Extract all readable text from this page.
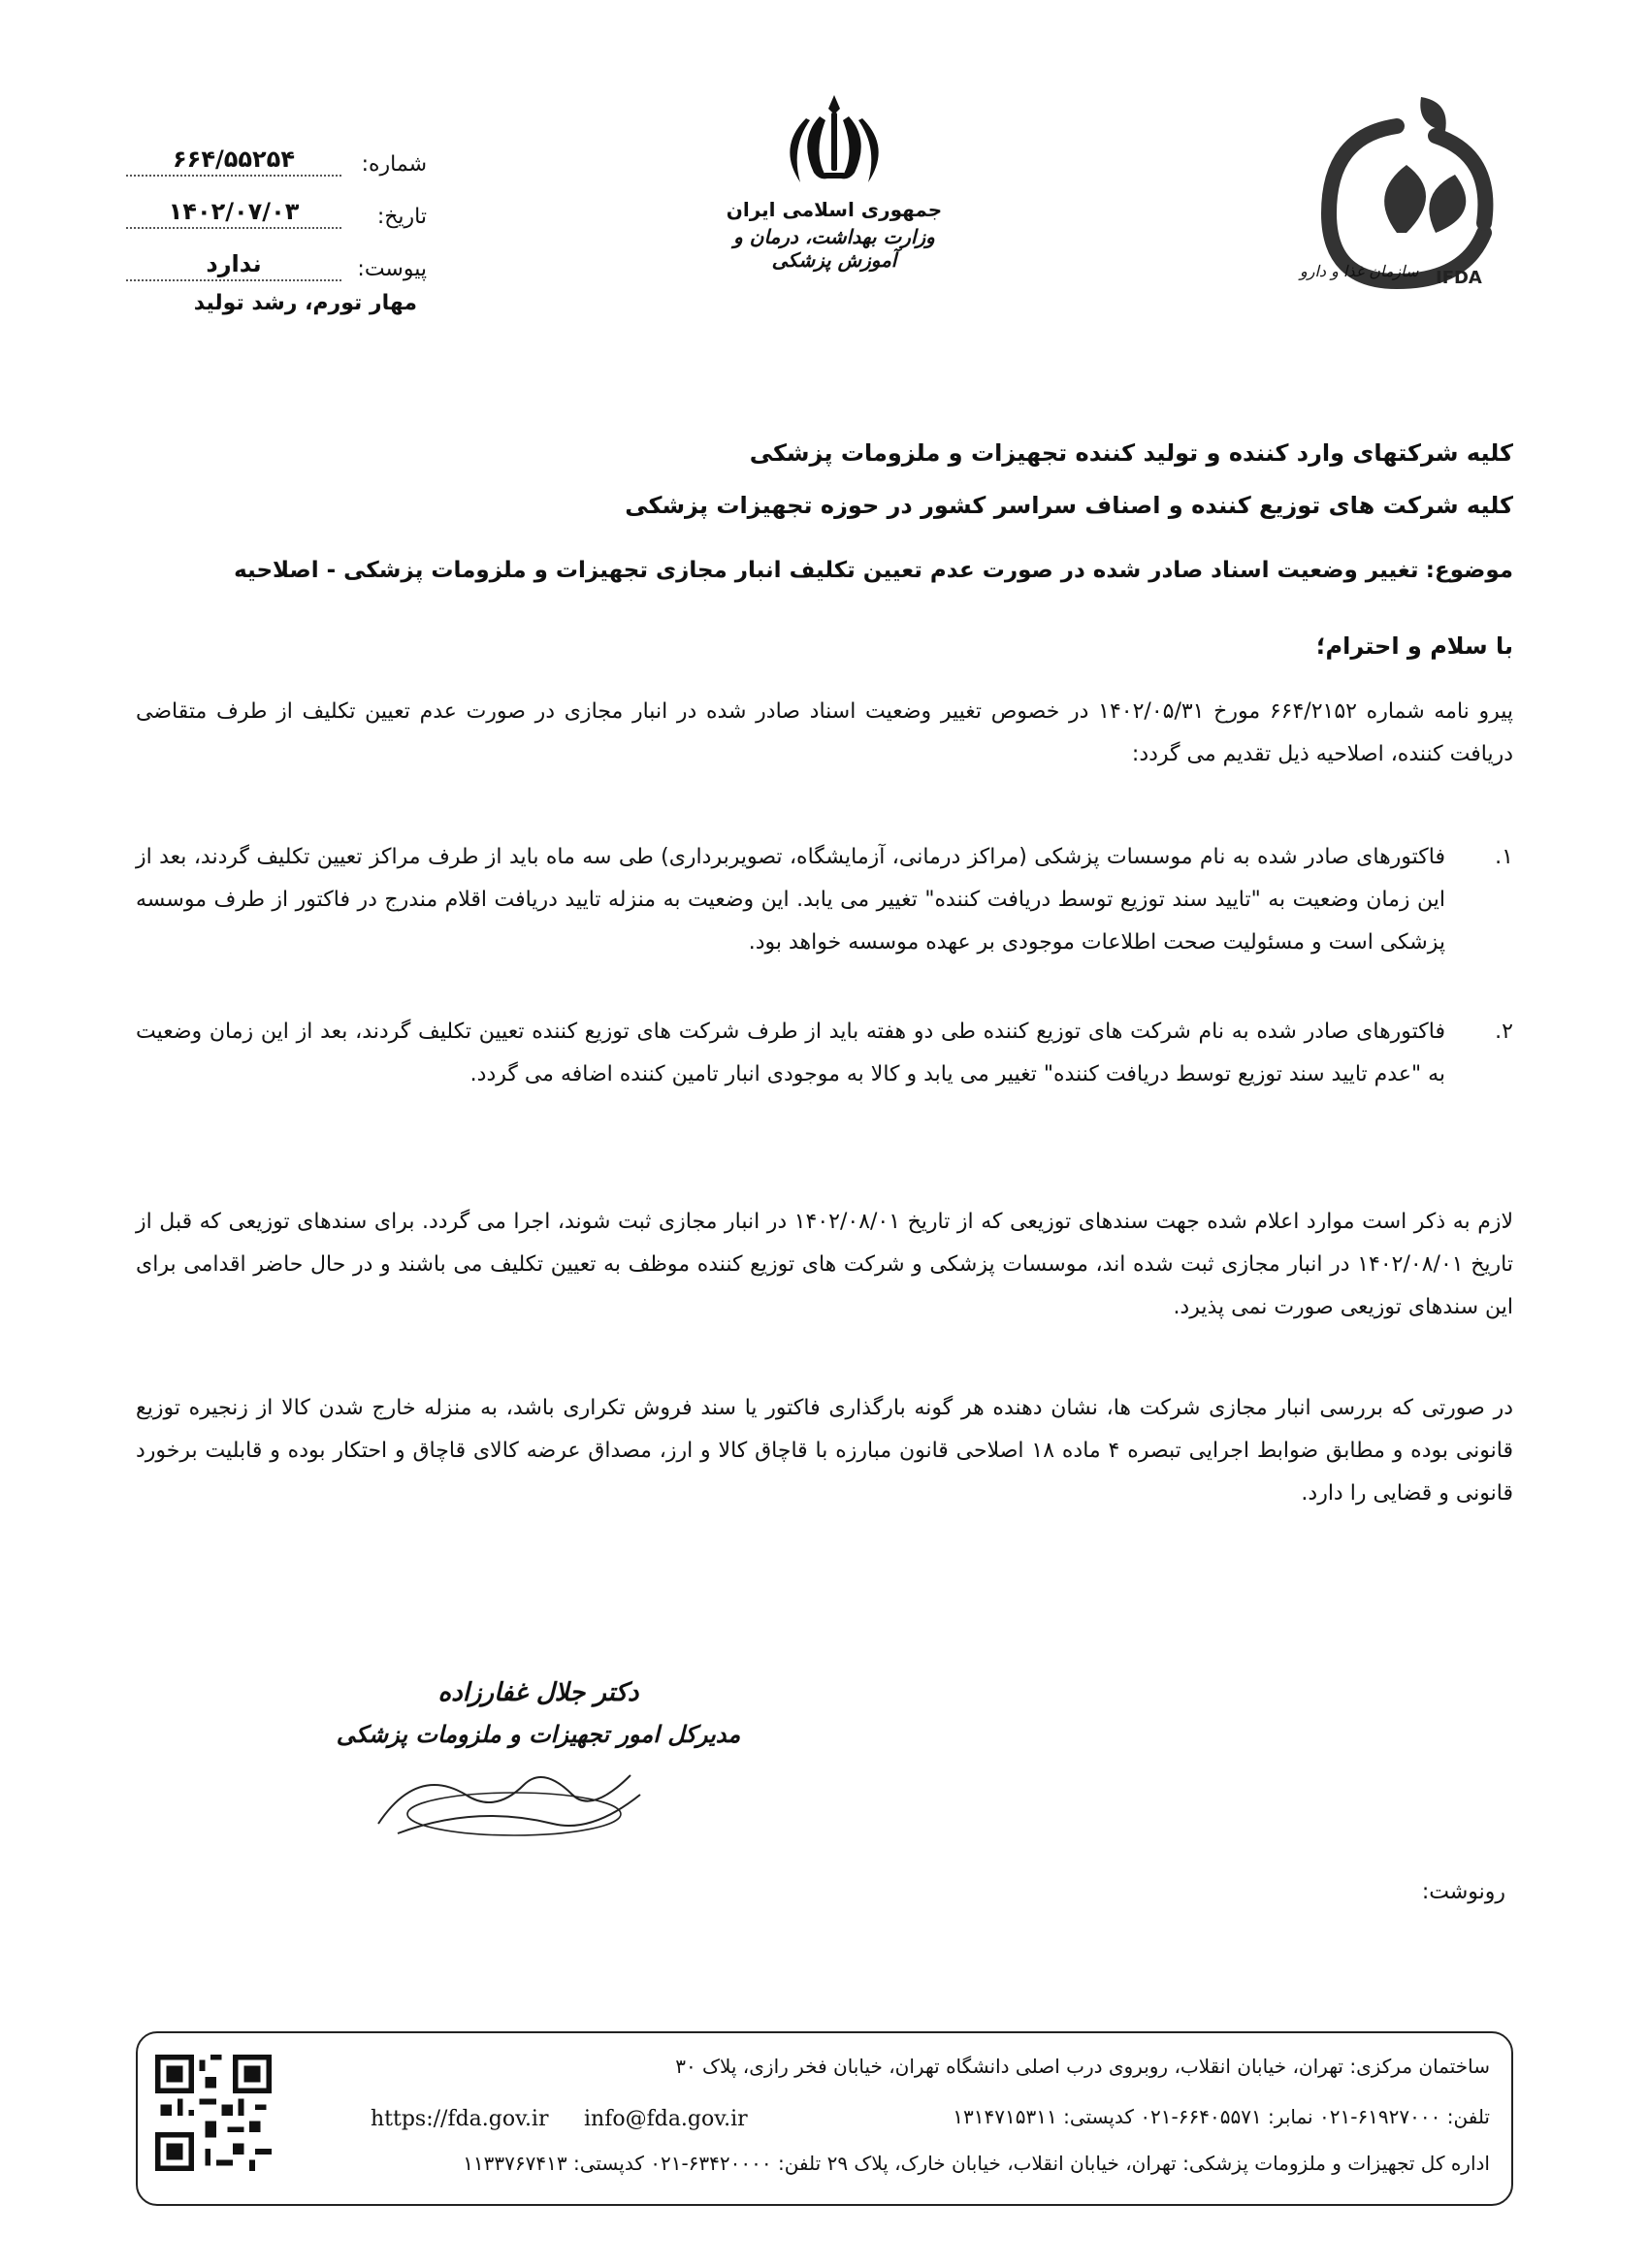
شماره:
۶۶۴/۵۵۲۵۴
تاریخ:
۱۴۰۲/۰۷/۰۳
پیوست:
ندارد
مهار تورم، رشد تولید
جمهوری اسلامی ایران
وزارت بهداشت، درمان و آموزش پزشکی	سازمان غذا و دارو IFDA
کلیه شرکتهای وارد کننده و تولید کننده تجهیزات و ملزومات پزشکی
کلیه شرکت های توزیع کننده و اصناف سراسر کشور در حوزه تجهیزات پزشکی
موضوع: تغییر وضعیت اسناد صادر شده در صورت عدم تعیین تکلیف انبار مجازی تجهیزات و ملزومات پزشکی - اصلاحیه
با سلام و احترام؛
پیرو نامه شماره ۶۶۴/۲۱۵۲ مورخ ۱۴۰۲/۰۵/۳۱ در خصوص تغییر وضعیت اسناد صادر شده در انبار مجازی در صورت عدم تعیین تکلیف از طرف متقاضی دریافت کننده، اصلاحیه ذیل تقدیم می گردد:
۱.
فاکتورهای صادر شده به نام موسسات پزشکی (مراکز درمانی، آزمایشگاه، تصویربرداری) طی سه ماه باید از طرف مراکز تعیین تکلیف گردند، بعد از این زمان وضعیت به "تایید سند توزیع توسط دریافت کننده" تغییر می یابد. این وضعیت به منزله تایید دریافت اقلام مندرج در فاکتور از طرف موسسه پزشکی است و مسئولیت صحت اطلاعات موجودی بر عهده موسسه خواهد بود.
۲.
فاکتورهای صادر شده به نام شرکت های توزیع کننده طی دو هفته باید از طرف شرکت های توزیع کننده تعیین تکلیف گردند، بعد از این زمان وضعیت به "عدم تایید سند توزیع توسط دریافت کننده" تغییر می یابد و کالا به موجودی انبار تامین کننده اضافه می گردد.
لازم به ذکر است موارد اعلام شده جهت سندهای توزیعی که از تاریخ ۱۴۰۲/۰۸/۰۱ در انبار مجازی ثبت شوند، اجرا می گردد. برای سندهای توزیعی که قبل از تاریخ ۱۴۰۲/۰۸/۰۱ در انبار مجازی ثبت شده اند، موسسات پزشکی و شرکت های توزیع کننده موظف به تعیین تکلیف می باشند و در حال حاضر اقدامی برای این سندهای توزیعی صورت نمی پذیرد.
در صورتی که بررسی انبار مجازی شرکت ها، نشان دهنده هر گونه بارگذاری فاکتور یا سند فروش تکراری باشد، به منزله خارج شدن کالا از زنجیره توزیع قانونی بوده و مطابق ضوابط اجرایی تبصره ۴ ماده ۱۸ اصلاحی قانون مبارزه با قاچاق کالا و ارز، مصداق عرضه کالای قاچاق و احتکار بوده و قابلیت برخورد قانونی و قضایی را دارد.
دکتر جلال غفارزاده
مدیرکل امور تجهیزات و ملزومات پزشکی
رونوشت:
ساختمان مرکزی: تهران، خیابان انقلاب، روبروی درب اصلی دانشگاه تهران، خیابان فخر رازی، پلاک ۳۰
تلفن: ۶۱۹۲۷۰۰۰-۰۲۱ نمابر: ۶۶۴۰۵۵۷۱-۰۲۱ کدپستی: ۱۳۱۴۷۱۵۳۱۱
https://fda.gov.ir info@fda.gov.ir
اداره کل تجهیزات و ملزومات پزشکی: تهران، خیابان انقلاب، خیابان خارک، پلاک ۲۹ تلفن: ۶۳۴۲۰۰۰۰-۰۲۱ کدپستی: ۱۱۳۳۷۶۷۴۱۳
